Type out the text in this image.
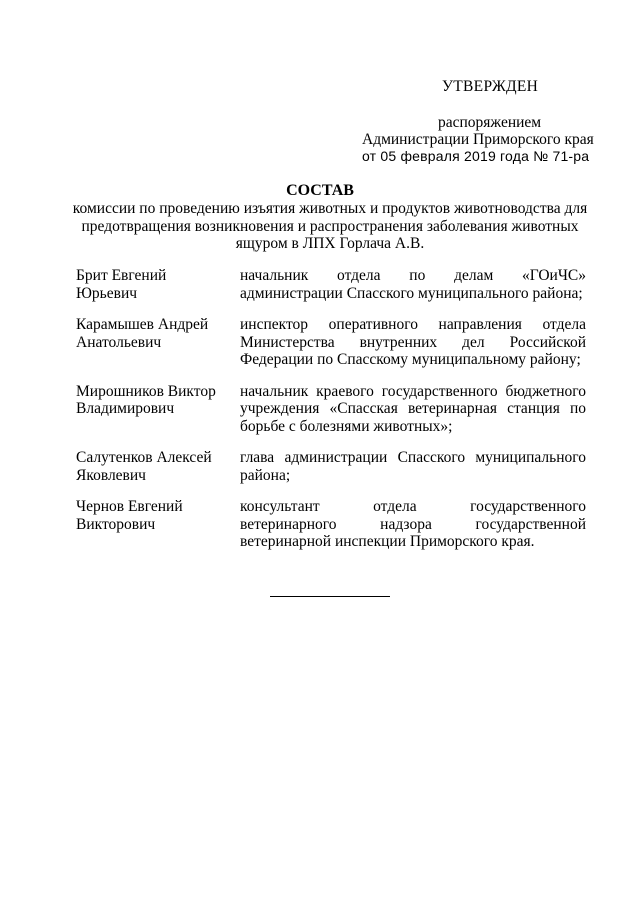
УТВЕРЖДЕН
распоряжением
Администрации Приморского края
от 05 февраля 2019 года № 71-ра
СОСТАВ
комиссии по проведению изъятия животных и продуктов животноводства для предотвращения возникновения и распространения заболевания животных ящуром в ЛПХ Горлача А.В.
Брит Евгений
Юрьевич
начальник отдела по делам «ГОиЧС» администрации Спасского муниципального района;
Карамышев Андрей
Анатольевич
инспектор оперативного направления отдела Министерства внутренних дел Российской Федерации по Спасскому муниципальному району;
Мирошников Виктор
Владимирович
начальник краевого государственного бюджетного учреждения «Спасская ветеринарная станция по борьбе с болезнями животных»;
Салутенков Алексей
Яковлевич
глава администрации Спасского муниципального района;
Чернов Евгений
Викторович
консультант отдела государственного ветеринарного надзора государственной ветеринарной инспекции Приморского края.
